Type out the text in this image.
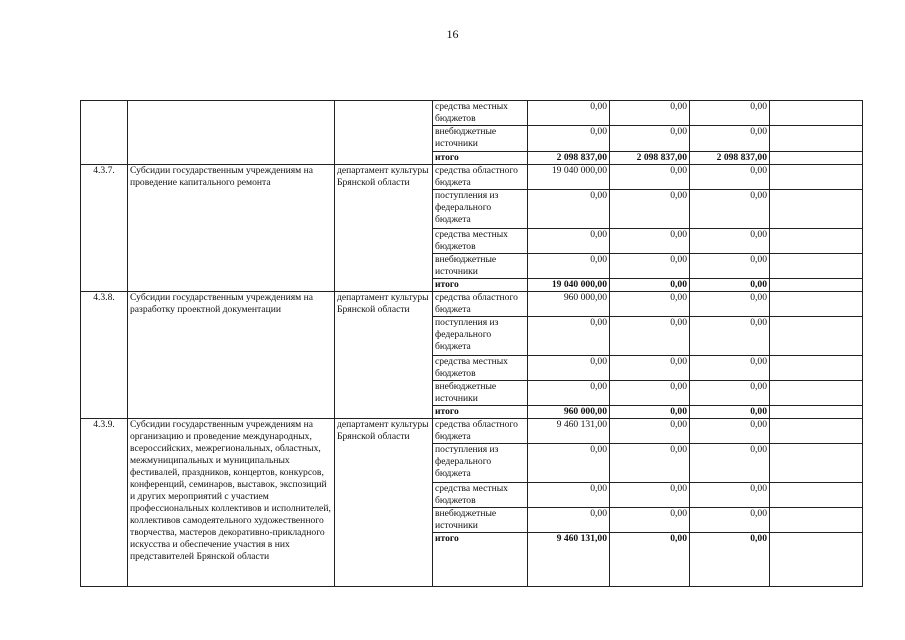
16
			средства местных бюджетов	0,00	0,00	0,00	
			внебюджетные источники	0,00	0,00	0,00	
			итого	2 098 837,00	2 098 837,00	2 098 837,00	
4.3.7.	Субсидии государственным учреждениям на проведение капитального ремонта	департамент культуры Брянской области	средства областного бюджета	19 040 000,00	0,00	0,00	
			поступления из федерального бюджета	0,00	0,00	0,00	
			средства местных бюджетов	0,00	0,00	0,00	
			внебюджетные источники	0,00	0,00	0,00	
			итого	19 040 000,00	0,00	0,00	
4.3.8.	Субсидии государственным учреждениям на разработку проектной документации	департамент культуры Брянской области	средства областного бюджета	960 000,00	0,00	0,00	
			поступления из федерального бюджета	0,00	0,00	0,00	
			средства местных бюджетов	0,00	0,00	0,00	
			внебюджетные источники	0,00	0,00	0,00	
			итого	960 000,00	0,00	0,00	
4.3.9.	Субсидии государственным учреждениям на организацию и проведение международных, всероссийских, межрегиональных, областных, межмуниципальных и муниципальных фестивалей, праздников, концертов, конкурсов, конференций, семинаров, выставок, экспозиций и других мероприятий с участием профессиональных коллективов и исполнителей, коллективов самодеятельного художественного творчества, мастеров декоративно-прикладного искусства и обеспечение участия в них представителей Брянской области	департамент культуры Брянской области	средства областного бюджета	9 460 131,00	0,00	0,00	
			поступления из федерального бюджета	0,00	0,00	0,00	
			средства местных бюджетов	0,00	0,00	0,00	
			внебюджетные источники	0,00	0,00	0,00	
			итого	9 460 131,00	0,00	0,00	
